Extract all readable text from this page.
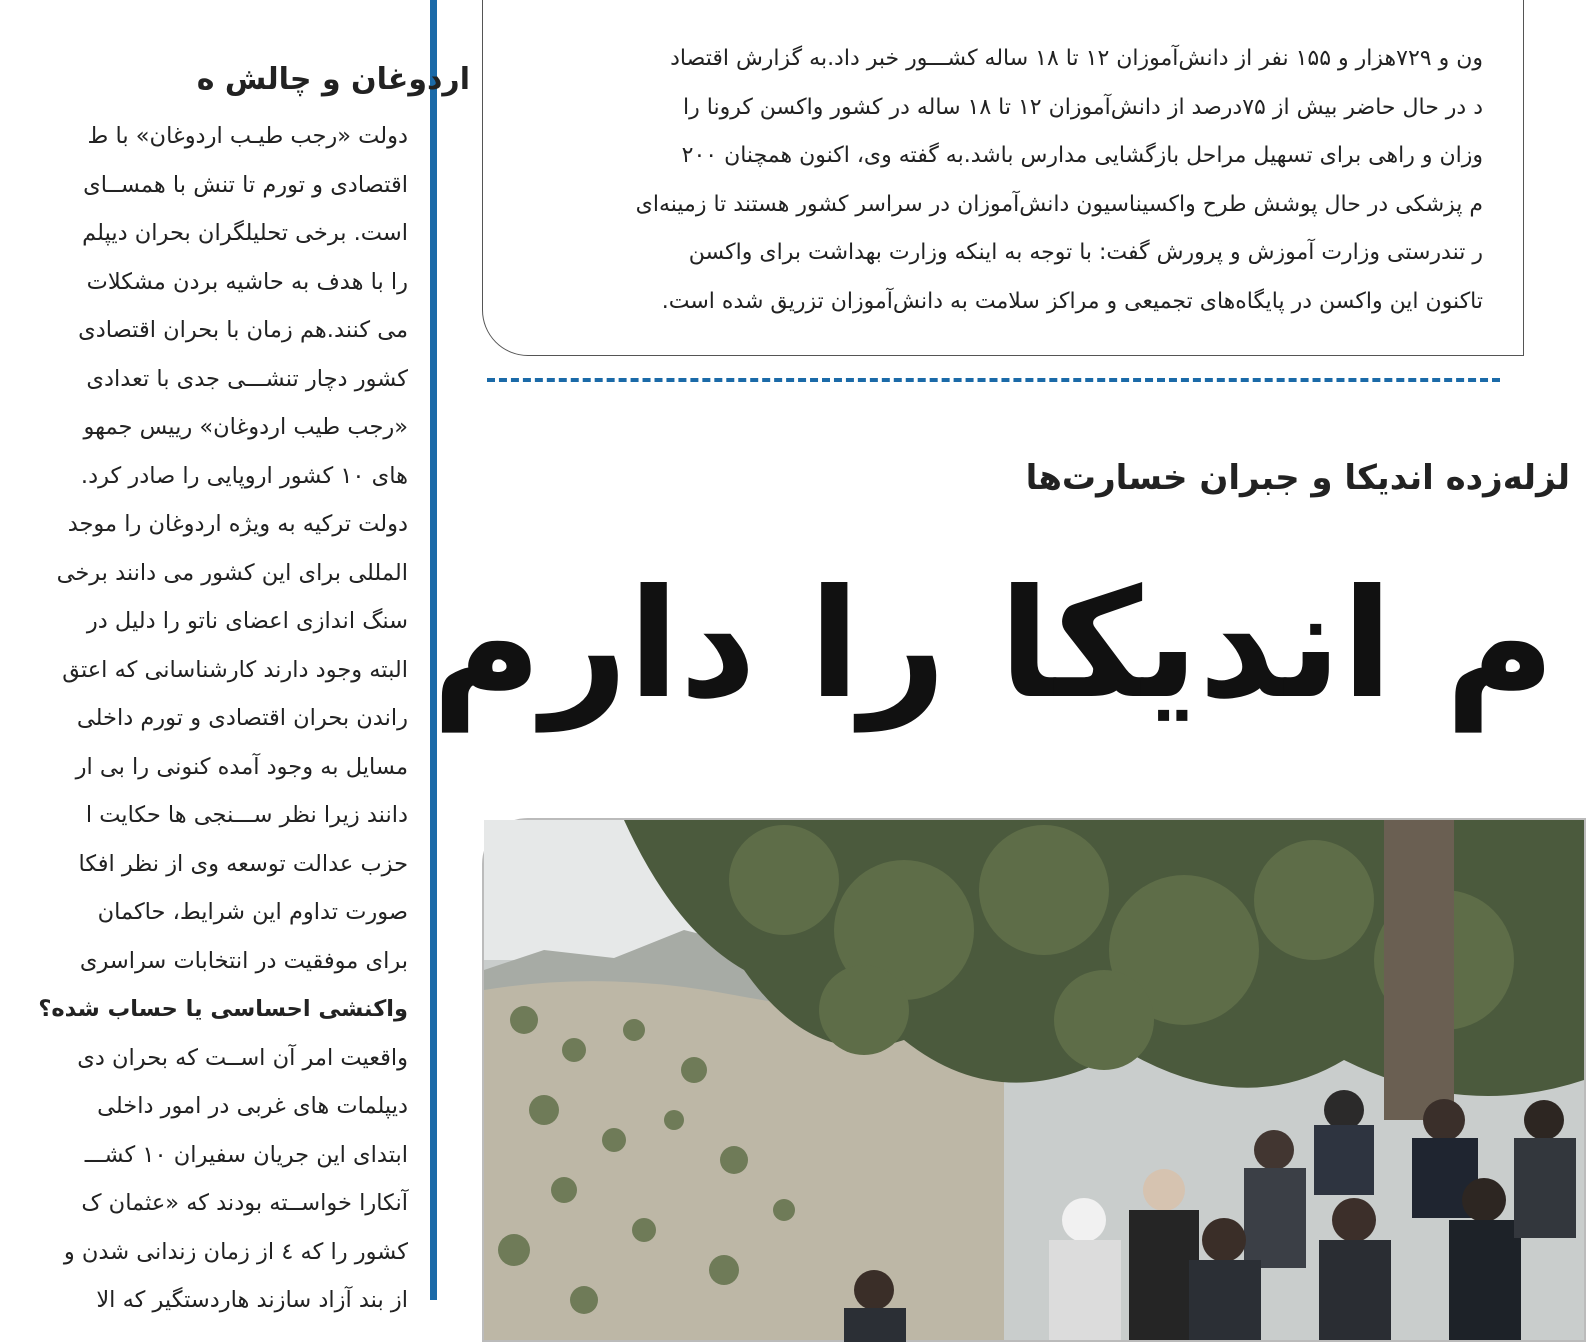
اردوغان و چالش ه
دولت «رجب طیـب اردوغان» با ط
اقتصادی و تورم تا تنش با همســای
است. برخی تحلیلگران بحران دیپلم
را با هدف به حاشیه بردن مشکلات
می کنند.هم زمان با بحران اقتصادی
کشور دچار تنشـــی جدی با تعدادی
«رجب طیب اردوغان» رییس جمهو
های ۱۰ کشور اروپایی را صادر کرد.
دولت ترکیه به ویژه اردوغان را موجد
المللی برای این کشور می دانند برخی
سنگ اندازی اعضای ناتو را دلیل در
البته وجود دارند کارشناسانی که اعتق
راندن بحران اقتصادی و تورم داخلی
مسایل به وجود آمده کنونی را بی ار
دانند زیرا نظر ســـنجی ها حکایت ا
حزب عدالت توسعه وی از نظر افکا
صورت تداوم این شرایط، حاکمان
برای موفقیت در انتخابات سراسری
واکنشی احساسی یا حساب شده؟
واقعیت امر آن اســت که بحران دی
دیپلمات های غربی در امور داخلی
ابتدای این جریان سفیران ۱۰ کشـــ
آنکارا خواســته بودند که «عثمان ک
کشور را که ٤ از زمان زندانی شدن و
از بند آزاد سازند هاردستگیر که الا
ون و ۷۲۹هزار و ۱۵۵ نفر از دانش‌آموزان ۱۲ تا ۱۸ ساله کشـــور خبر داد.به گزارش اقتصاد
د در حال حاضر بیش از ۷۵درصد از دانش‌آموزان ۱۲ تا ۱۸ ساله در کشور واکسن کرونا را
وزان و راهی برای تسهیل مراحل بازگشایی مدارس باشد.به گفته وی، اکنون همچنان ۲۰۰
م پزشکی در حال پوشش طرح واکسیناسیون دانش‌آموزان در سراسر کشور هستند تا زمینه‌ای
ر تندرستی وزارت آموزش و پرورش گفت: با توجه به اینکه وزارت بهداشت برای واکسن
تاکنون این واکسن در پایگاه‌های تجمیعی و مراکز سلامت به دانش‌آموزان تزریق شده است.
لزله‌زده اندیکا و جبران خسارت‌ها
م اندیکا را دارم
